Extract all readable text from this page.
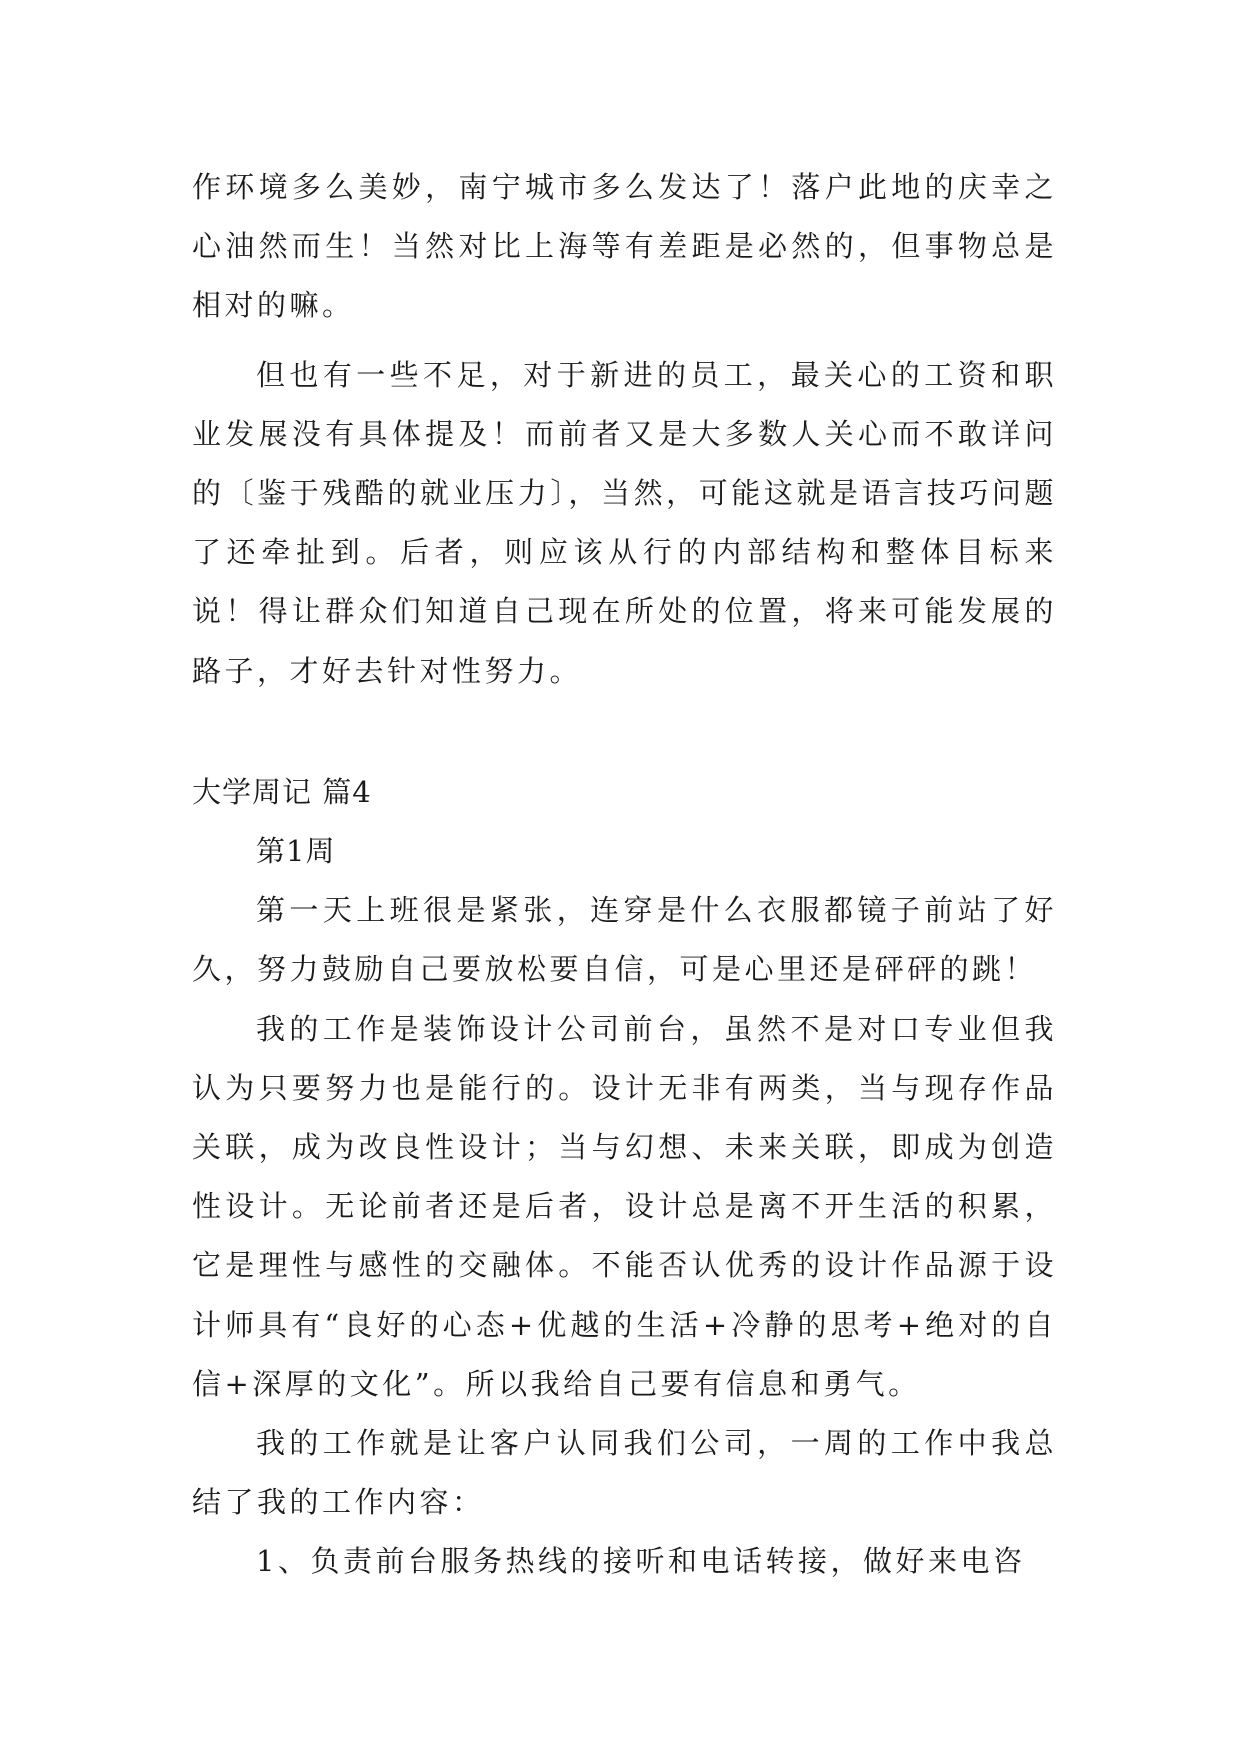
作环境多么美妙，南宁城市多么发达了！落户此地的庆幸之心油然而生！当然对比上海等有差距是必然的，但事物总是相对的嘛。

但也有一些不足，对于新进的员工，最关心的工资和职业发展没有具体提及！而前者又是大多数人关心而不敢详问的〔鉴于残酷的就业压力〕，当然，可能这就是语言技巧问题了还牵扯到。后者，则应该从行的内部结构和整体目标来说！得让群众们知道自己现在所处的位置，将来可能发展的路子，才好去针对性努力。

大学周记 篇4

第1周

第一天上班很是紧张，连穿是什么衣服都镜子前站了好久，努力鼓励自己要放松要自信，可是心里还是砰砰的跳！

我的工作是装饰设计公司前台，虽然不是对口专业但我认为只要努力也是能行的。设计无非有两类，当与现存作品关联，成为改良性设计；当与幻想、未来关联，即成为创造性设计。无论前者还是后者，设计总是离不开生活的积累，它是理性与感性的交融体。不能否认优秀的设计作品源于设计师具有“良好的心态+优越的生活+冷静的思考+绝对的自信+深厚的文化”。所以我给自己要有信息和勇气。

我的工作就是让客户认同我们公司，一周的工作中我总结了我的工作内容：

1、负责前台服务热线的接听和电话转接，做好来电咨
